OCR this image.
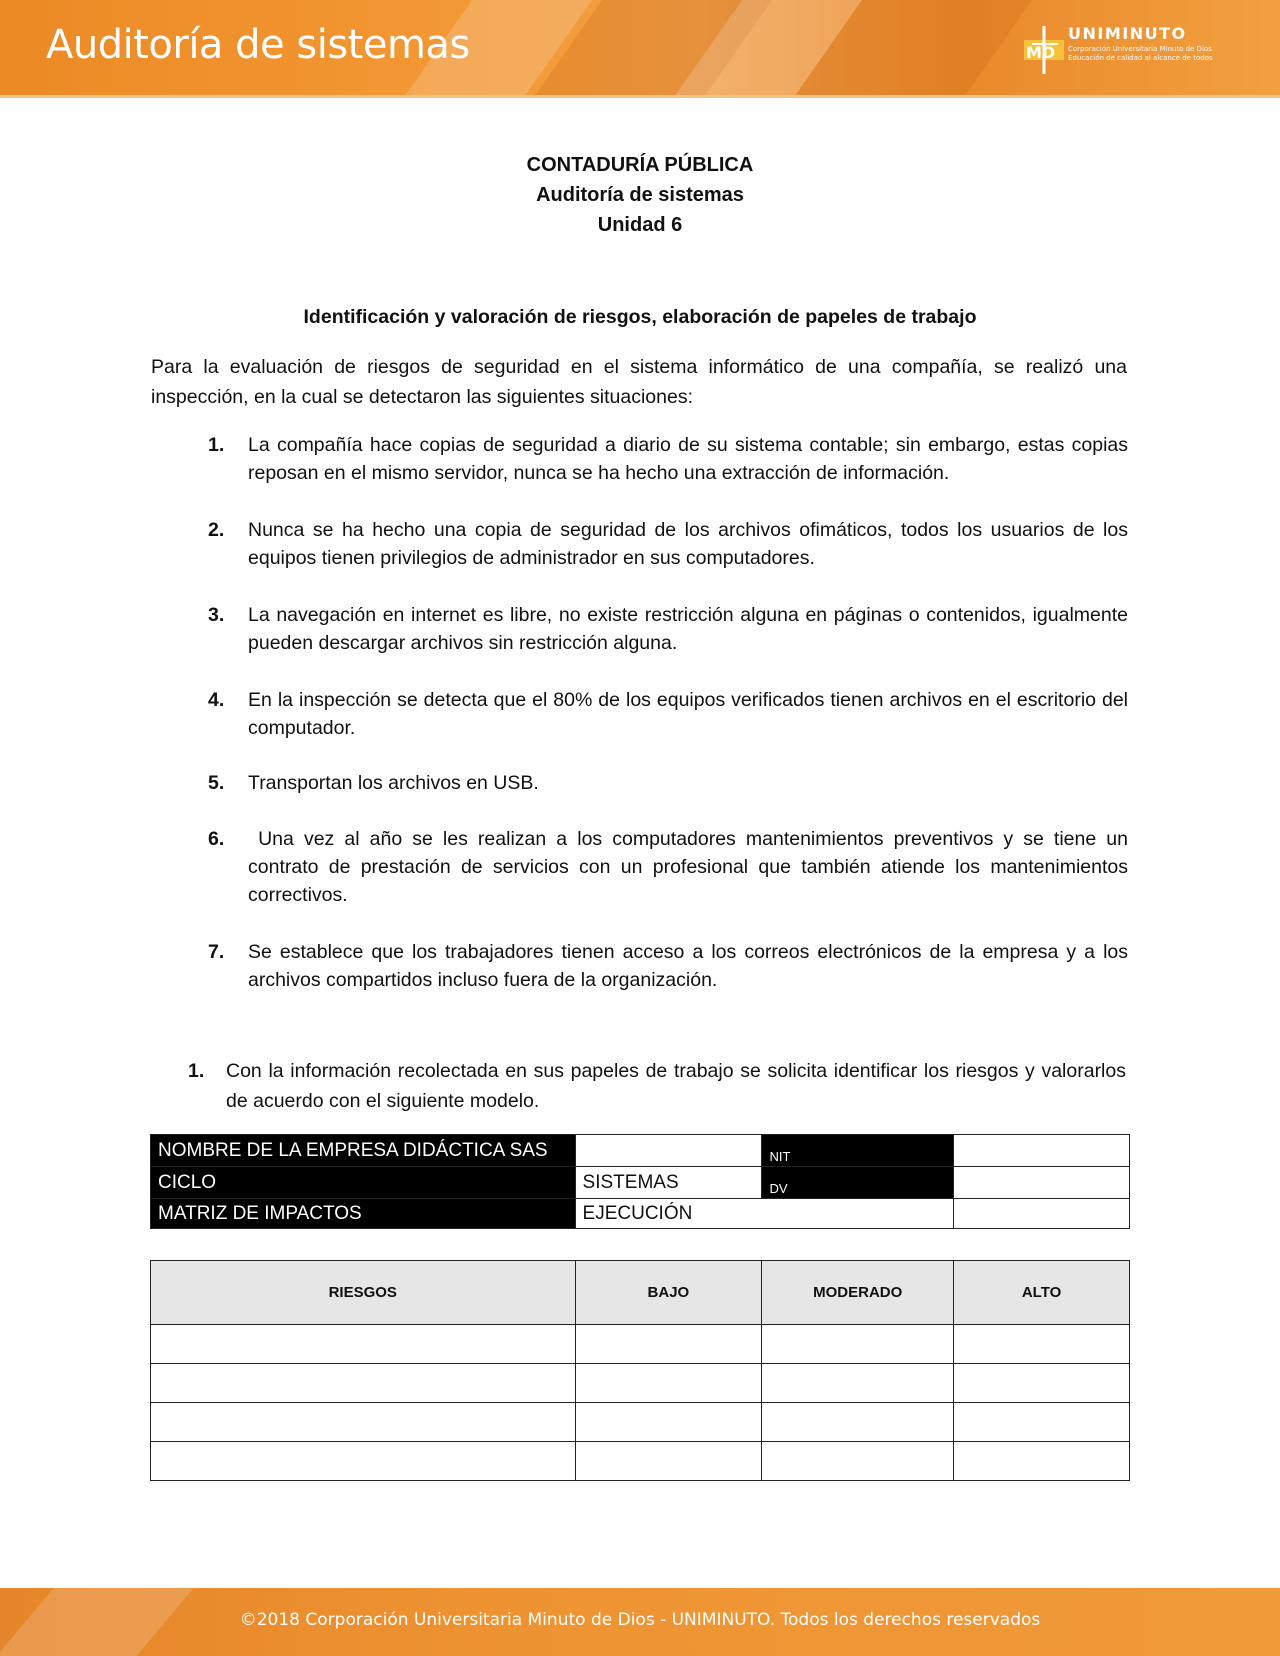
Auditoría de sistemas	MD
UNIMINUTO
Corporación Universitaria Minuto de Dios
Educación de calidad al alcance de todos
CONTADURÍA PÚBLICA
Auditoría de sistemas
Unidad 6
Identificación y valoración de riesgos, elaboración de papeles de trabajo
Para la evaluación de riesgos de seguridad en el sistema informático de una compañía, se realizó una inspección, en la cual se detectaron las siguientes situaciones:
1. La compañía hace copias de seguridad a diario de su sistema contable; sin embargo, estas copias reposan en el mismo servidor, nunca se ha hecho una extracción de información.
2. Nunca se ha hecho una copia de seguridad de los archivos ofimáticos, todos los usuarios de los equipos tienen privilegios de administrador en sus computadores.
3. La navegación en internet es libre, no existe restricción alguna en páginas o contenidos, igualmente pueden descargar archivos sin restricción alguna.
4. En la inspección se detecta que el 80% de los equipos verificados tienen archivos en el escritorio del computador.
5. Transportan los archivos en USB.
6. Una vez al año se les realizan a los computadores mantenimientos preventivos y se tiene un contrato de prestación de servicios con un profesional que también atiende los mantenimientos correctivos.
7. Se establece que los trabajadores tienen acceso a los correos electrónicos de la empresa y a los archivos compartidos incluso fuera de la organización.
1. Con la información recolectada en sus papeles de trabajo se solicita identificar los riesgos y valorarlos de acuerdo con el siguiente modelo.
NOMBRE DE LA EMPRESA DIDÁCTICA SAS		NIT	
CICLO	SISTEMAS	DV	
MATRIZ DE IMPACTOS	EJECUCIÓN		
RIESGOS	BAJO	MODERADO	ALTO

©2018 Corporación Universitaria Minuto de Dios - UNIMINUTO. Todos los derechos reservados
